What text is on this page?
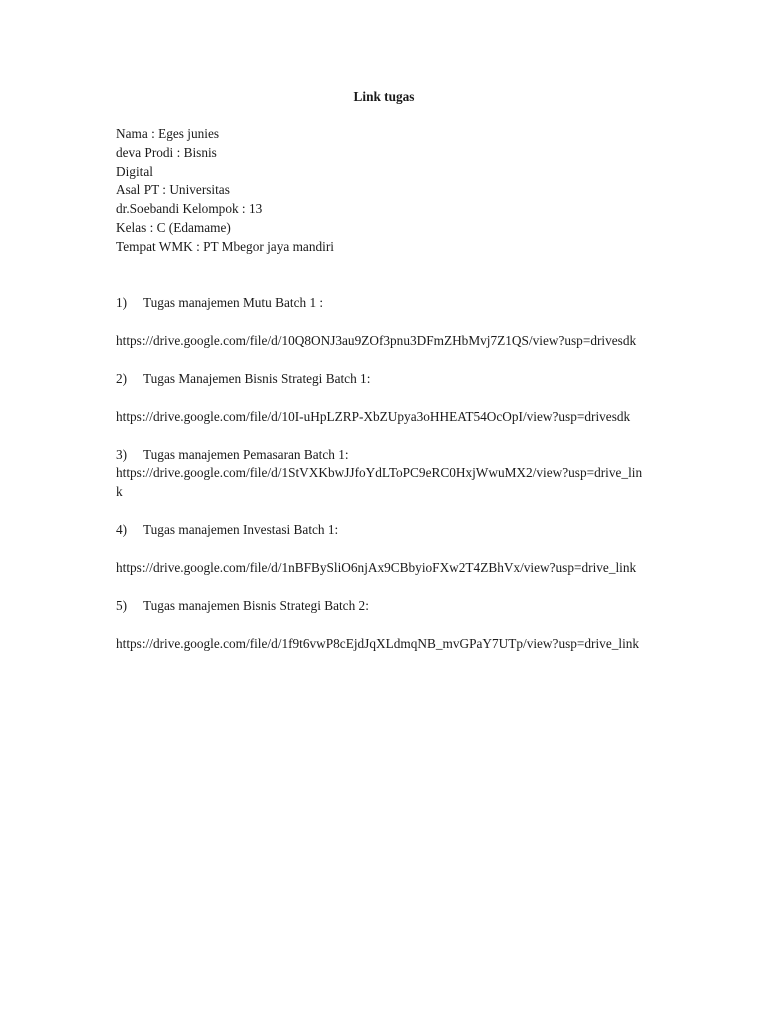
Link tugas
Nama : Eges junies
deva Prodi : Bisnis
Digital
Asal PT : Universitas
dr.Soebandi Kelompok : 13
Kelas : C (Edamame)
Tempat WMK : PT Mbegor jaya mandiri
1) Tugas manajemen Mutu Batch 1 :
https://drive.google.com/file/d/10Q8ONJ3au9ZOf3pnu3DFmZHbMvj7Z1QS/view?usp=drivesdk
2) Tugas Manajemen Bisnis Strategi Batch 1:
https://drive.google.com/file/d/10I-uHpLZRP-XbZUpya3oHHEAT54OcOpI/view?usp=drivesdk
3) Tugas manajemen Pemasaran Batch 1:
https://drive.google.com/file/d/1StVXKbwJJfoYdLToPC9eRC0HxjWwuMX2/view?usp=drive_lin
k
4) Tugas manajemen Investasi Batch 1:
https://drive.google.com/file/d/1nBFBySliO6njAx9CBbyioFXw2T4ZBhVx/view?usp=drive_link
5) Tugas manajemen Bisnis Strategi Batch 2:
https://drive.google.com/file/d/1f9t6vwP8cEjdJqXLdmqNB_mvGPaY7UTp/view?usp=drive_link
